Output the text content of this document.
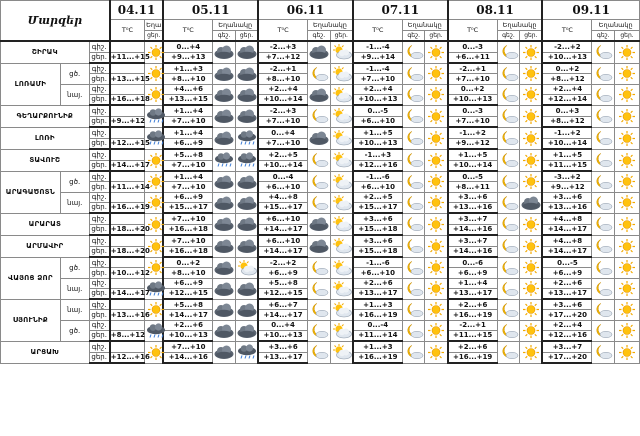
Մարզեր			04.11		05.11			06.11			07.11			08.11			09.11		
			T⁰C	Եղա	T⁰C	Եղանակը		T⁰C	Եղանակը		T⁰C	Եղանակը		T⁰C	Եղանակը		T⁰C	Եղանակը	
				ցեր.		գեշ.	ցեր.		գեշ.	ցեր.		գեշ.	ցեր.		գեշ.	ցեր.		գեշ.	ցեր.
ՇԻՐԱԿ		գիշ.			0...+4			-2...+3			-1...-4			0...-3			-2...+2	

		ցեր.	+11...+15		+9...+13			+7...+12			+9...+14			+6...+11			+10...+13		
ԼՈՌԱՄԻ	ցծ.	գիշ.			+1...+3			-2...+1			-1...-4			-2...+1			0...+2	

		ցեր.	+13...+15		+8...+10			+8...+10			+7...+10			+7...+10			+8...+12		
	նայ.	գիշ.			+4...+6			+2...+4			+2...+4			0...+2			+2...+4	

		ցեր.	+16...+18		+13...+15			+10...+14			+10...+13			+10...+13			+12...+14		
ԳԵՂԱՐՔՈՒՆԻՔ		գիշ.			+1...+4			-2...+3			0...-5			0...-3			0...+3	

		ցեր.	+9...+12		+7...+10			+7...+10			+6...+10			+7...+10			+8...+12		
ԼՈՌԻ		գիշ.			+1...+4			0...+4			+1...+5			-1...+2			-1...+2	

		ցեր.	+12...+15		+6...+9			+7...+10			+10...+13			+9...+12			+10...+14		
ՏԱՎՈՒՇ		գիշ.			+5...+8			+2...+5			-1...+3			+1...+5			+1...+5	

		ցեր.	+14...+17		+7...+10			+10...+14			+12...+16			+10...+14			+11...+15		
ԱՐԱԳԱԾՈՏՆ	ցծ.	գիշ.			+1...+4			0...-4			-1...-6			0...-5			-3...+2	

		ցեր.	+11...+14		+7...+10			+6...+10			+6...+10			+8...+11			+9...+12		
	նայ.	գիշ.			+6...+9			+4...+8			+2...+5			+3...+6			+3...+6	

		ցեր.	+16...+19		+15...+17			+15...+17			+15...+17			+13...+16			+13...+16		
ԱՐԱՐԱՏ		գիշ.			+7...+10			+6...+10			+3...+6			+3...+7			+4...+8	

		ցեր.	+18...+20		+16...+18			+14...+17			+15...+18			+14...+16			+14...+17		
ԱՐՄԱՎԻՐ		գիշ.			+7...+10			+6...+10			+3...+6			+3...+7			+4...+8	

		ցեր.	+18...+20		+16...+18			+14...+17			+15...+18			+14...+16			+14...+17		
ՎԱՅՈՑ ՁՈՐ	ցծ.	գիշ.			0...+2			-2...+2			-1...-6			0...-6			0...-5	

		ցեր.	+10...+12		+8...+10			+6...+9			+6...+10			+6...+9			+6...+9		
	նայ.	գիշ.			+6...+9			+5...+8			+2...+6			+1...+4			+2...+6	

		ցեր.	+14...+17		+12...+15			+12...+15			+13...+17			+13...+17			+13...+17		
ՍՅՈՒՆԻՔ	նայ.	գիշ.			+5...+8			+6...+7			+1...+3			+2...+6			+3...+6	

		ցեր.	+13...+16		+14...+17			+14...+17			+16...+19			+16...+19			+17...+20		
	ցծ.	գիշ.			+2...+6			0...+4			0...-4			-2...+1			+2...+4	

		ցեր.	+8...+12		+10...+13			+10...+13			+11...+14			+11...+15			+12...+16		
ԱՐՑԱԽ		գիշ.			+7...+10			+3...+6			+1...+3			+2...+6			+3...+7	

		ցեր.	+12...+16		+14...+16			+13...+17			+16...+19			+16...+19			+17...+20		
